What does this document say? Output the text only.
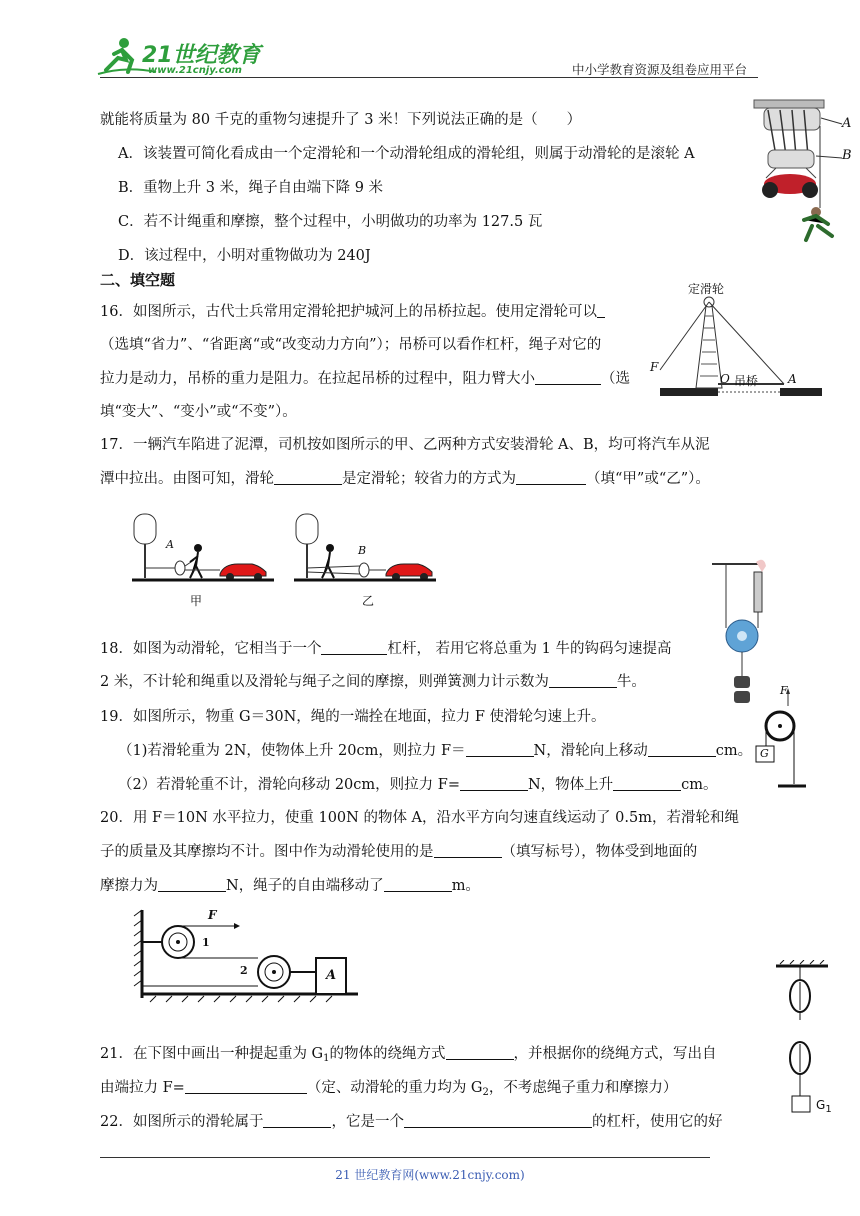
21世纪教育
www.21cnjy.com	中小学教育资源及组卷应用平台
就能将质量为 80 千克的重物匀速提升了 3 米！下列说法正确的是（　　）
A．该装置可简化看成由一个定滑轮和一个动滑轮组成的滑轮组，则属于动滑轮的是滚轮 A
B．重物上升 3 米，绳子自由端下降 9 米
C．若不计绳重和摩擦，整个过程中，小明做功的功率为 127.5 瓦
D．该过程中，小明对重物做功为 240J
A
B
二、填空题
16．如图所示，古代士兵常用定滑轮把护城河上的吊桥拉起。使用定滑轮可以
（选填“省力”、“省距离“或“改变动力方向”）；吊桥可以看作杠杆，绳子对它的
拉力是动力，吊桥的重力是阻力。在拉起吊桥的过程中，阻力臂大小	（选
填“变大”、“变小”或“不变”）。
定滑轮
F
O 吊桥 A
17．一辆汽车陷进了泥潭，司机按如图所示的甲、乙两种方式安装滑轮 A、B，均可将汽车从泥
潭中拉出。由图可知，滑轮	是定滑轮；较省力的方式为	（填“甲”或“乙”）。
A
甲
B
乙
18．如图为动滑轮，它相当于一个	杠杆， 若用它将总重为 1 牛的钩码匀速提高
2 米，不计轮和绳重以及滑轮与绳子之间的摩擦，则弹簧测力计示数为	牛。
19．如图所示，物重 G＝30N，绳的一端拴在地面，拉力 F 使滑轮匀速上升。
（1)若滑轮重为 2N，使物体上升 20cm，则拉力 F＝	N，滑轮向上移动	cm。
（2）若滑轮重不计，滑轮向移动 20cm，则拉力 F=	N，物体上升	cm。
F
G
20．用 F＝10N 水平拉力，使重 100N 的物体 A，沿水平方向匀速直线运动了 0.5m，若滑轮和绳
子的质量及其摩擦均不计。图中作为动滑轮使用的是	（填写标号），物体受到地面的
摩擦力为	N，绳子的自由端移动了	m。
F
1
2	A
$G_1$
21．在下图中画出一种提起重为 $G_1$的物体的绕绳方式	，并根据你的绕绳方式，写出自
由端拉力 F=	（定、动滑轮的重力均为 $G_2$，不考虑绳子重力和摩擦力）
22．如图所示的滑轮属于	，它是一个	的杠杆，使用它的好
21 世纪教育网(www.21cnjy.com)
